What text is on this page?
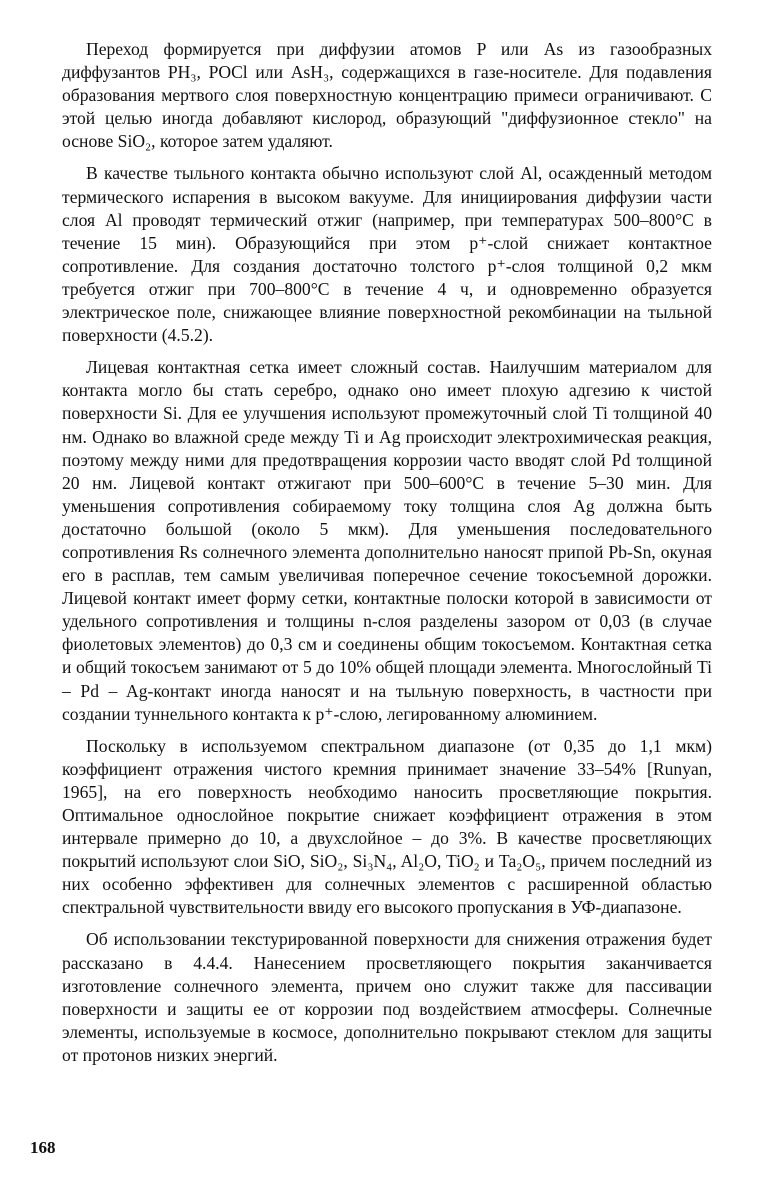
Переход формируется при диффузии атомов P или As из газообразных диффузантов PH₃, POCl или AsH₃, содержащихся в газе-носителе. Для подавления образования мертвого слоя поверхностную концентрацию примеси ограничивают. С этой целью иногда добавляют кислород, образующий "диффузионное стекло" на основе SiO₂, которое затем удаляют.

В качестве тыльного контакта обычно используют слой Al, осажденный методом термического испарения в высоком вакууме. Для инициирования диффузии части слоя Al проводят термический отжиг (например, при температурах 500–800°C в течение 15 мин). Образующийся при этом p⁺-слой снижает контактное сопротивление. Для создания достаточно толстого p⁺-слоя толщиной 0,2 мкм требуется отжиг при 700–800°C в течение 4 ч, и одновременно образуется электрическое поле, снижающее влияние поверхностной рекомбинации на тыльной поверхности (4.5.2).

Лицевая контактная сетка имеет сложный состав. Наилучшим материалом для контакта могло бы стать серебро, однако оно имеет плохую адгезию к чистой поверхности Si. Для ее улучшения используют промежуточный слой Ti толщиной 40 нм. Однако во влажной среде между Ti и Ag происходит электрохимическая реакция, поэтому между ними для предотвращения коррозии часто вводят слой Pd толщиной 20 нм. Лицевой контакт отжигают при 500–600°C в течение 5–30 мин. Для уменьшения сопротивления собираемому току толщина слоя Ag должна быть достаточно большой (около 5 мкм). Для уменьшения последовательного сопротивления Rs солнечного элемента дополнительно наносят припой Pb-Sn, окуная его в расплав, тем самым увеличивая поперечное сечение токосъемной дорожки. Лицевой контакт имеет форму сетки, контактные полоски которой в зависимости от удельного сопротивления и толщины n-слоя разделены зазором от 0,03 (в случае фиолетовых элементов) до 0,3 см и соединены общим токосъемом. Контактная сетка и общий токосъем занимают от 5 до 10% общей площади элемента. Многослойный Ti – Pd – Ag-контакт иногда наносят и на тыльную поверхность, в частности при создании туннельного контакта к p⁺-слою, легированному алюминием.

Поскольку в используемом спектральном диапазоне (от 0,35 до 1,1 мкм) коэффициент отражения чистого кремния принимает значение 33–54% [Runyan, 1965], на его поверхность необходимо наносить просветляющие покрытия. Оптимальное однослойное покрытие снижает коэффициент отражения в этом интервале примерно до 10, а двухслойное – до 3%. В качестве просветляющих покрытий используют слои SiO, SiO₂, Si₃N₄, Al₂O, TiO₂ и Ta₂O₅, причем последний из них особенно эффективен для солнечных элементов с расширенной областью спектральной чувствительности ввиду его высокого пропускания в УФ-диапазоне.

Об использовании текстурированной поверхности для снижения отражения будет рассказано в 4.4.4. Нанесением просветляющего покрытия заканчивается изготовление солнечного элемента, причем оно служит также для пассивации поверхности и защиты ее от коррозии под воздействием атмосферы. Солнечные элементы, используемые в космосе, дополнительно покрывают стеклом для защиты от протонов низких энергий.

168
